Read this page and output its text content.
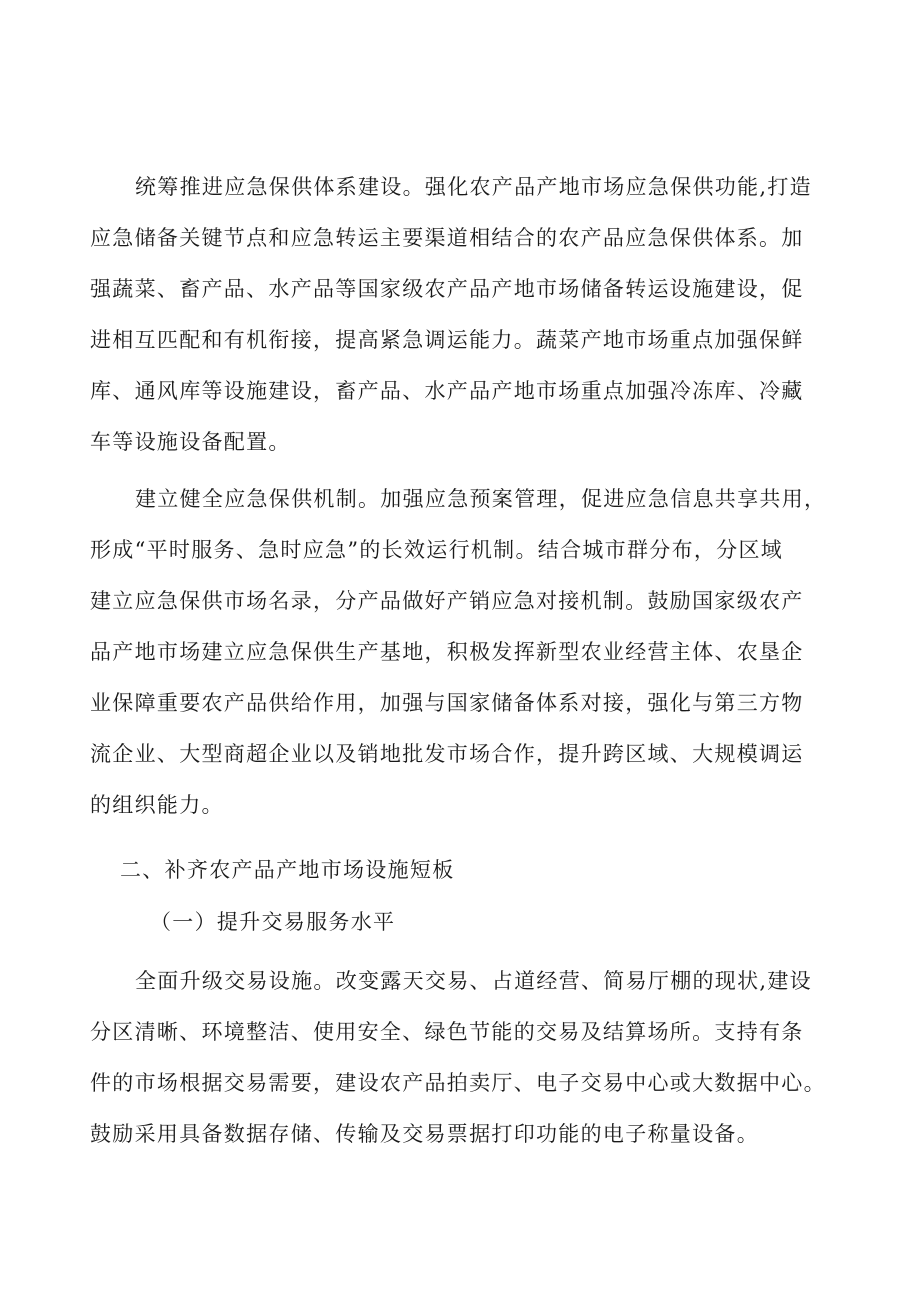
统筹推进应急保供体系建设。强化农产品产地市场应急保供功能,打造

应急储备关键节点和应急转运主要渠道相结合的农产品应急保供体系。加

强蔬菜、畜产品、水产品等国家级农产品产地市场储备转运设施建设，促

进相互匹配和有机衔接，提高紧急调运能力。蔬菜产地市场重点加强保鲜

库、通风库等设施建设，畜产品、水产品产地市场重点加强冷冻库、冷藏

车等设施设备配置。

建立健全应急保供机制。加强应急预案管理，促进应急信息共享共用，

形成“平时服务、急时应急”的长效运行机制。结合城市群分布，分区域

建立应急保供市场名录，分产品做好产销应急对接机制。鼓励国家级农产

品产地市场建立应急保供生产基地，积极发挥新型农业经营主体、农垦企

业保障重要农产品供给作用，加强与国家储备体系对接，强化与第三方物

流企业、大型商超企业以及销地批发市场合作，提升跨区域、大规模调运

的组织能力。

二、补齐农产品产地市场设施短板

（一）提升交易服务水平

全面升级交易设施。改变露天交易、占道经营、简易厅棚的现状,建设

分区清晰、环境整洁、使用安全、绿色节能的交易及结算场所。支持有条

件的市场根据交易需要，建设农产品拍卖厅、电子交易中心或大数据中心。

鼓励采用具备数据存储、传输及交易票据打印功能的电子称量设备。
